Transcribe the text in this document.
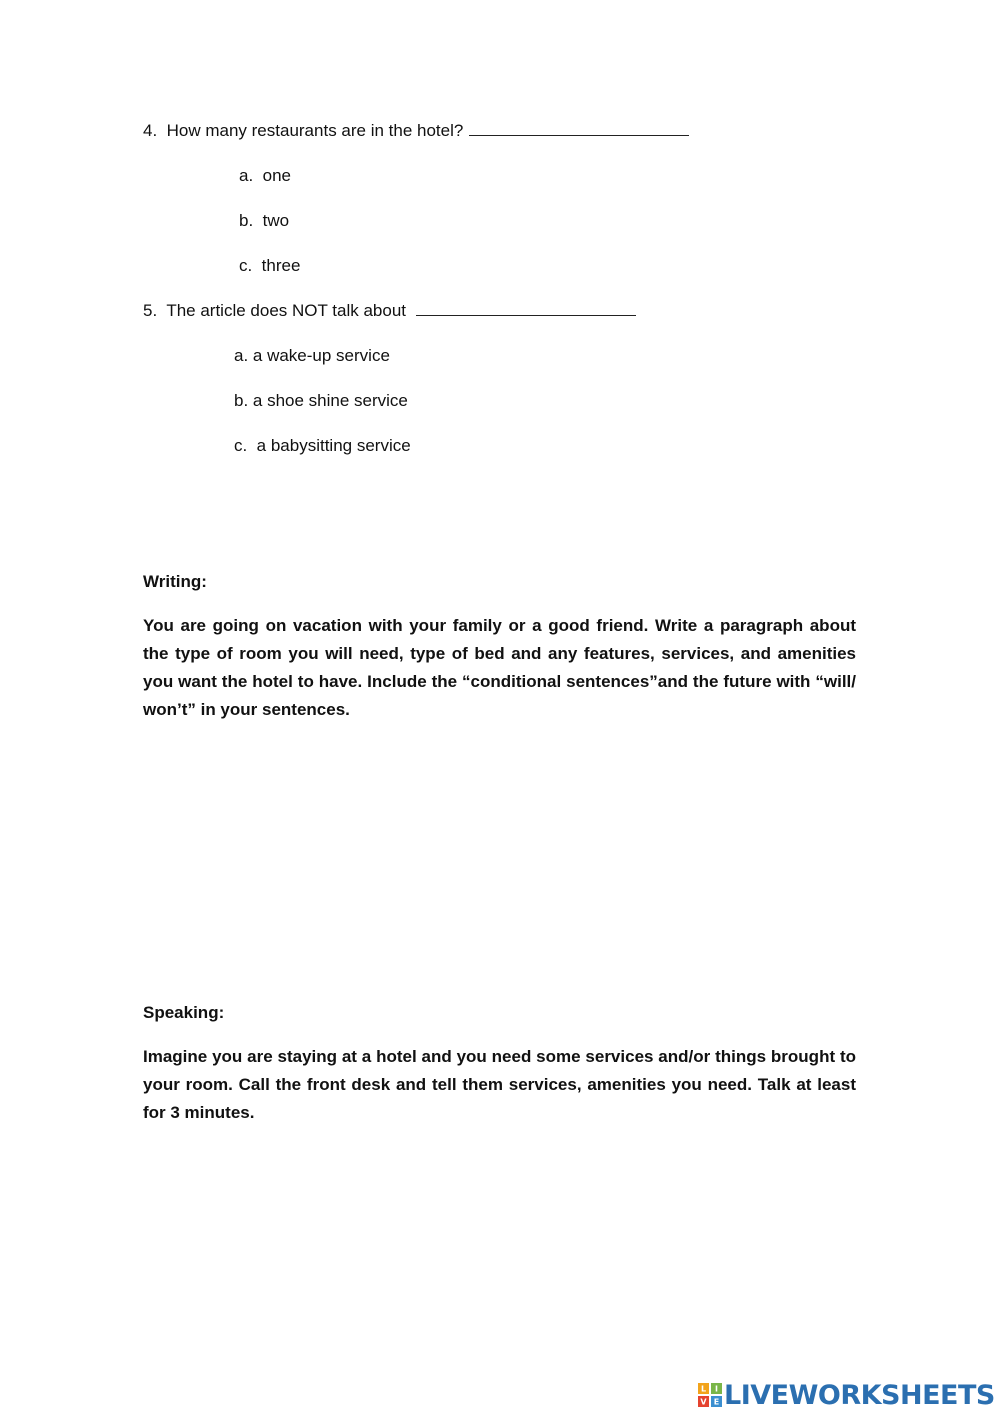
4.  How many restaurants are in the hotel?
a.  one
b.  two
c.  three
5.  The article does NOT talk about
a. a wake-up service
b. a shoe shine service
c.  a babysitting service
Writing:
You are going on vacation with your family or a good friend. Write a paragraph about the type of room you will need, type of bed and any features, services, and amenities you want the hotel to have. Include the “conditional sentences”and the future with “will/ won’t” in your sentences.
Speaking:
Imagine you are staying at a hotel and you need some services and/or things brought to your room. Call the front desk and tell them services, amenities you need. Talk at least for 3 minutes.
L I
V E LIVEWORKSHEETS
